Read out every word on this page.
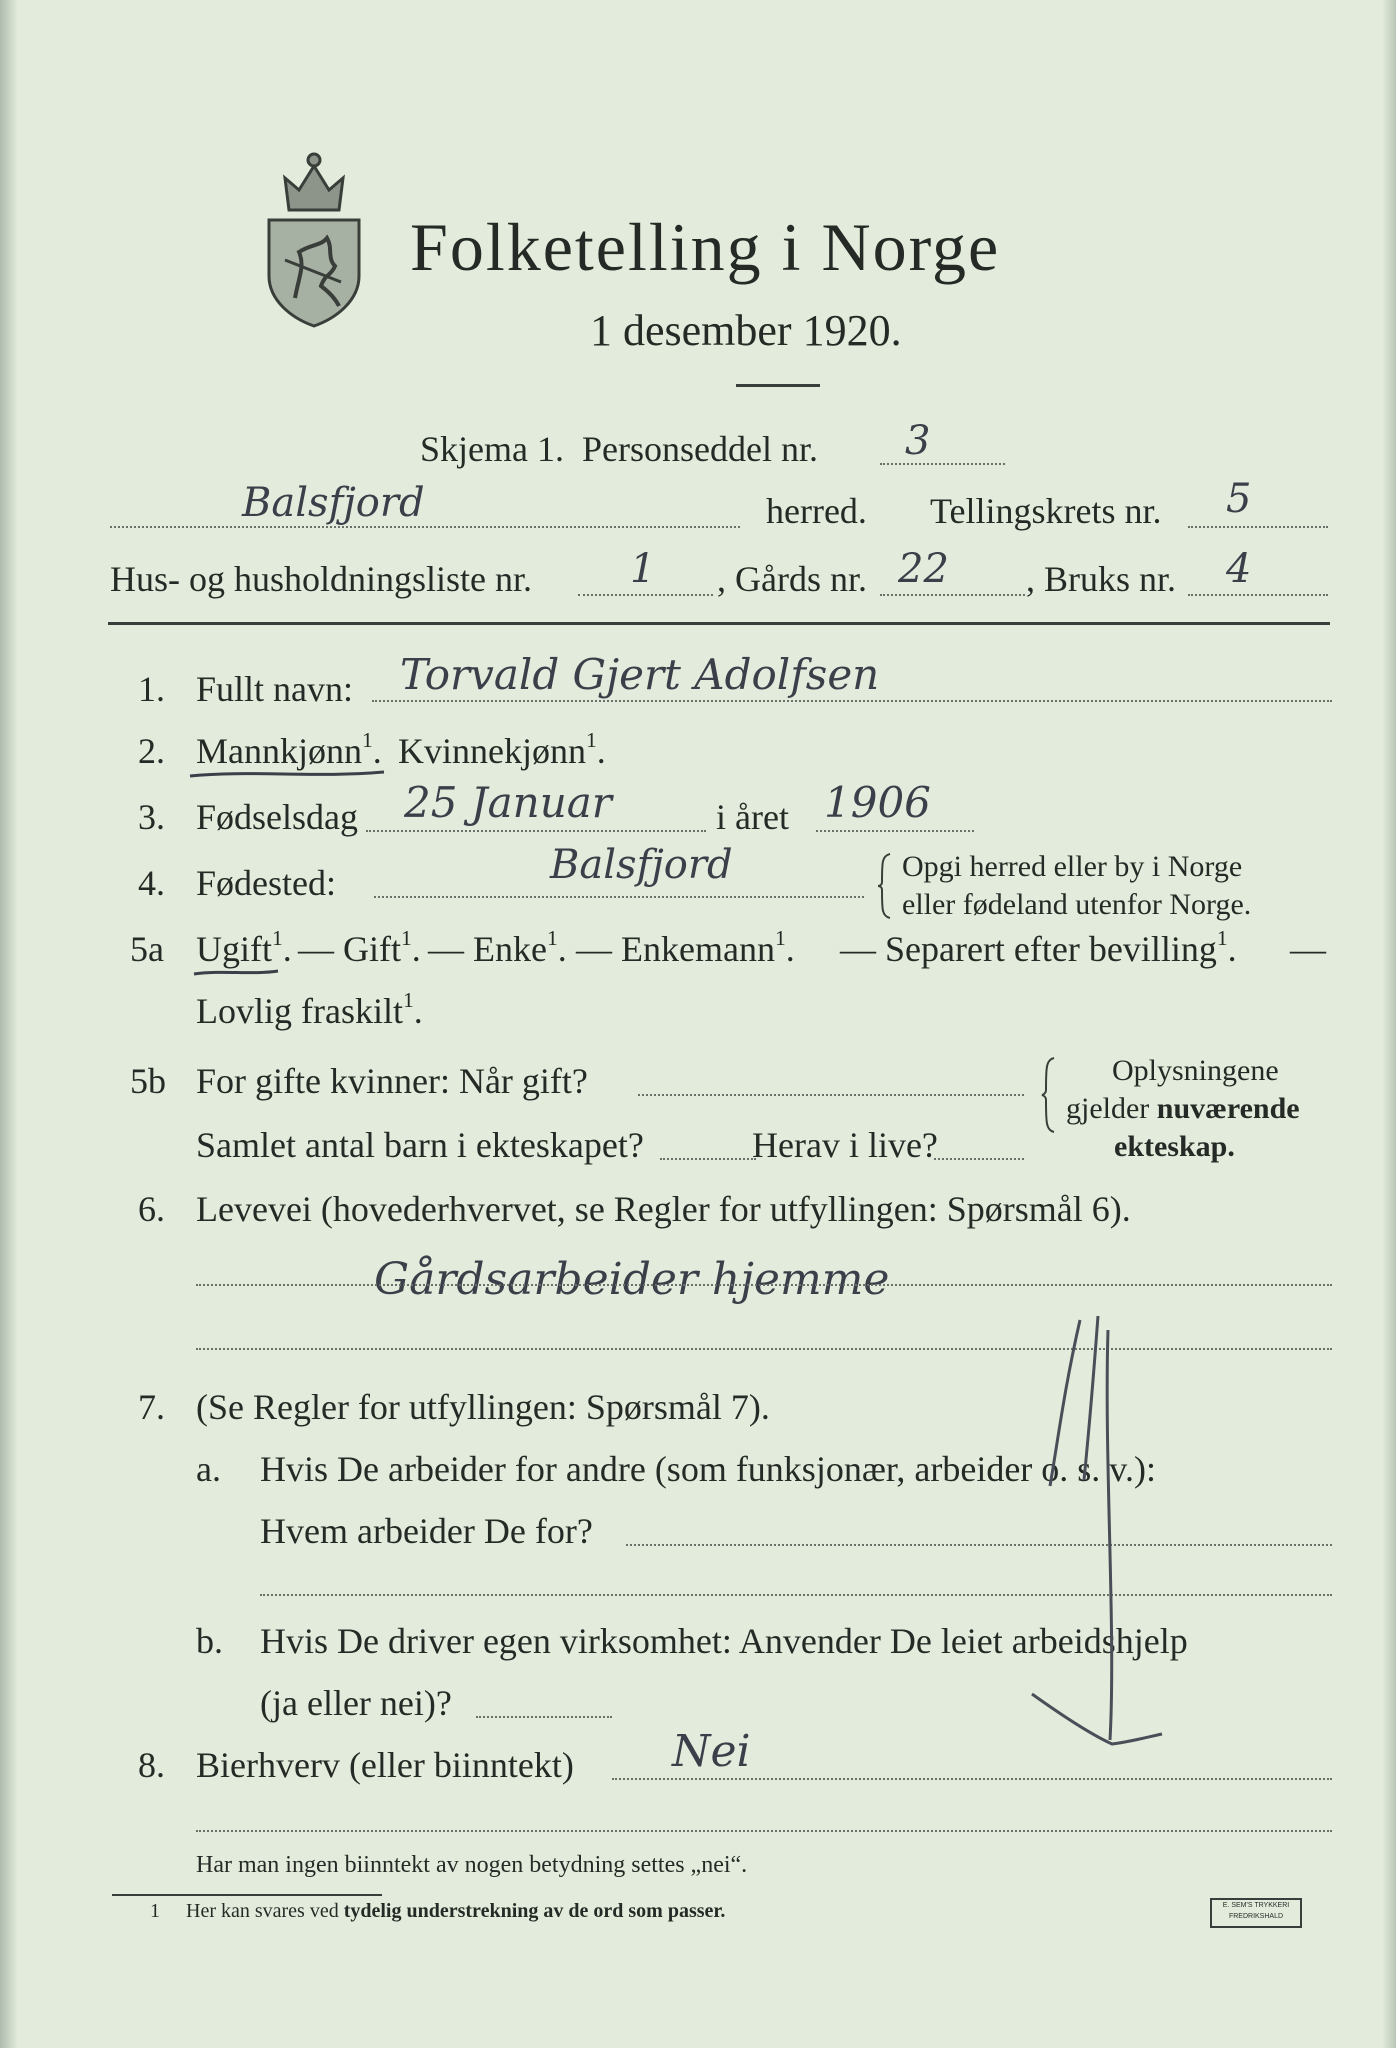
Folketelling i Norge
1 desember 1920.
Skjema 1. Personseddel nr. 3
Balsfjord	herred. Tellingskrets nr. 5
Hus- og husholdningsliste nr. 1 , Gårds nr. 22 , Bruks nr. 4
1. Fullt navn: Torvald Gjert Adolfsen
2. Mannkjønn$^1$. Kvinnekjønn$^1$.
3. Fødselsdag 25 Januar	i året 1906
4. Fødested:	Balsfjord	Opgi herred eller by i Norge
eller fødeland utenfor Norge.
5a Ugift$^1$. — Gift$^1$. — Enke$^1$. — Enkemann$^1$. — Separert efter bevilling$^1$. —
Lovlig fraskilt$^1$.
5b For gifte kvinner: Når gift?
Samlet antal barn i ekteskapet?	Herav i live?
Oplysningene
gjelder nuværende
ekteskap.
6. Levevei (hovederhvervet, se Regler for utfyllingen: Spørsmål 6).
Gårdsarbeider hjemme
7. (Se Regler for utfyllingen: Spørsmål 7).
a. Hvis De arbeider for andre (som funksjonær, arbeider o. s. v.):
Hvem arbeider De for?
b. Hvis De driver egen virksomhet: Anvender De leiet arbeidshjelp
(ja eller nei)?
8. Bierhverv (eller biinntekt) Nei
Har man ingen biinntekt av nogen betydning settes „nei“.
1 Her kan svares ved tydelig understrekning av de ord som passer.	E. SEM'S TRYKKERI
FREDRIKSHALD
